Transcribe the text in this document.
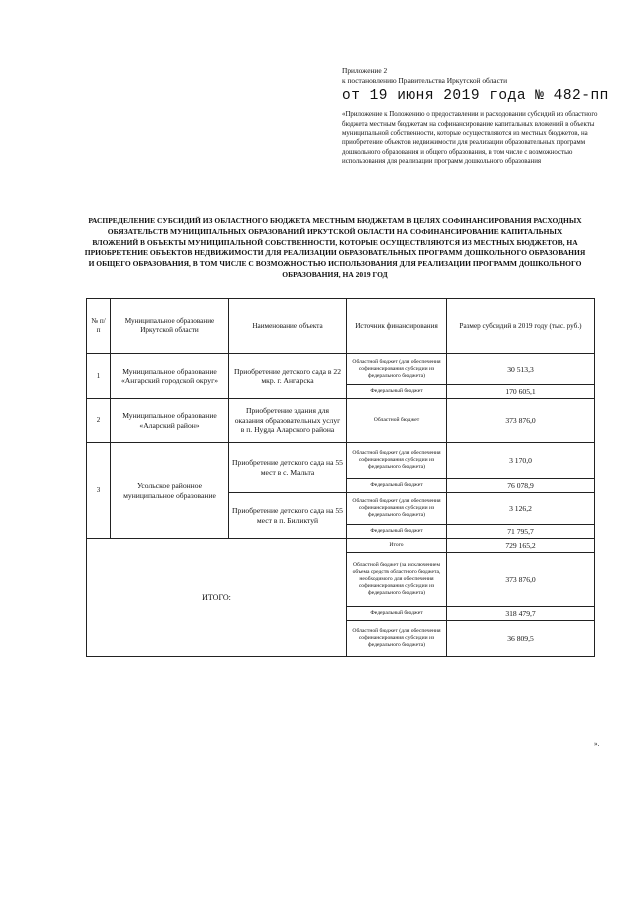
Приложение 2
к постановлению Правительства Иркутской области
от 19 июня 2019 года № 482-пп
«Приложение к Положению о предоставлении и расходовании субсидий из областного бюджета местным бюджетам на софинансирование капитальных вложений в объекты муниципальной собственности, которые осуществляются из местных бюджетов, на приобретение объектов недвижимости для реализации образовательных программ дошкольного образования и общего образования, в том числе с возможностью использования для реализации программ дошкольного образования
РАСПРЕДЕЛЕНИЕ СУБСИДИЙ ИЗ ОБЛАСТНОГО БЮДЖЕТА МЕСТНЫМ БЮДЖЕТАМ В ЦЕЛЯХ СОФИНАНСИРОВАНИЯ РАСХОДНЫХ ОБЯЗАТЕЛЬСТВ МУНИЦИПАЛЬНЫХ ОБРАЗОВАНИЙ ИРКУТСКОЙ ОБЛАСТИ НА СОФИНАНСИРОВАНИЕ КАПИТАЛЬНЫХ ВЛОЖЕНИЙ В ОБЪЕКТЫ МУНИЦИПАЛЬНОЙ СОБСТВЕННОСТИ, КОТОРЫЕ ОСУЩЕСТВЛЯЮТСЯ ИЗ МЕСТНЫХ БЮДЖЕТОВ, НА ПРИОБРЕТЕНИЕ ОБЪЕКТОВ НЕДВИЖИМОСТИ ДЛЯ РЕАЛИЗАЦИИ ОБРАЗОВАТЕЛЬНЫХ ПРОГРАММ ДОШКОЛЬНОГО ОБРАЗОВАНИЯ И ОБЩЕГО ОБРАЗОВАНИЯ, В ТОМ ЧИСЛЕ С ВОЗМОЖНОСТЬЮ ИСПОЛЬЗОВАНИЯ ДЛЯ РЕАЛИЗАЦИИ ПРОГРАММ ДОШКОЛЬНОГО ОБРАЗОВАНИЯ, НА 2019 ГОД
№ п/п	Муниципальное образование Иркутской области	Наименование объекта	Источник финансирования	Размер субсидий в 2019 году (тыс. руб.)
1	Муниципальное образование «Ангарский городской округ»	Приобретение детского сада в 22 мкр. г. Ангарска	Областной бюджет (для обеспечения софинансирования субсидии из федерального бюджета)	30 513,3
			Федеральный бюджет	170 605,1
2	Муниципальное образование «Аларский район»	Приобретение здания для оказания образовательных услуг в п. Нygда Аларского района	Областной бюджет	373 876,0
3	Усольское районное муниципальное образование	Приобретение детского сада на 55 мест в с. Мальта	Областной бюджет (для обеспечения софинансирования субсидии из федерального бюджета)	3 170,0
			Федеральный бюджет	76 078,9
		Приобретение детского сада на 55 мест в п. Биликтуй	Областной бюджет (для обеспечения софинансирования субсидии из федерального бюджета)	3 126,2
			Федеральный бюджет	71 795,7
ИТОГО:			Итого	729 165,2
			Областной бюджет (за исключением объема средств областного бюджета, необходимого для обеспечения софинансирования субсидии из федерального бюджета)	373 876,0
			Федеральный бюджет	318 479,7
			Областной бюджет (для обеспечения софинансирования субсидии из федерального бюджета)	36 809,5
».
